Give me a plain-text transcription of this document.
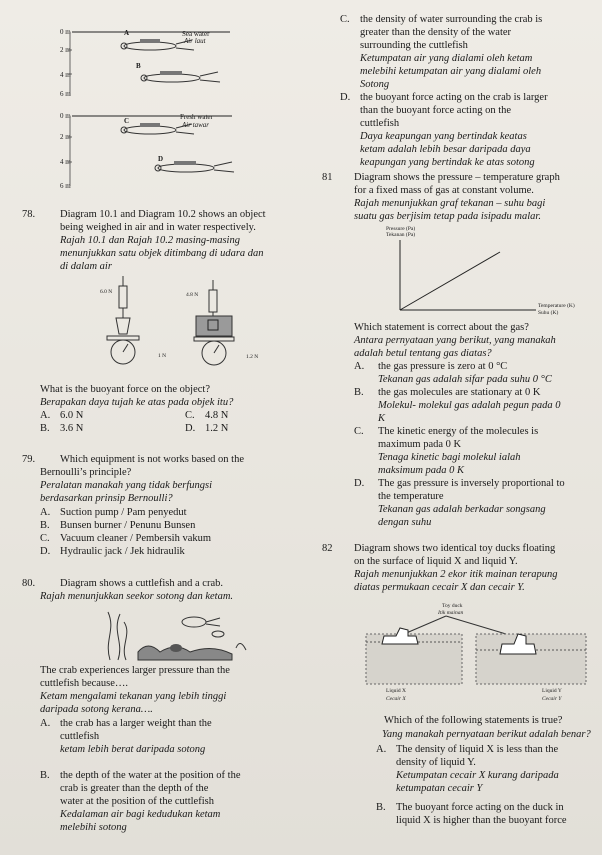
0 m
2 m
4 m
6 m
Sea water
Air laut
A
B
0 m
2 m
4 m
6 m
Fresh water
Air tawar
C
D
78. Diagram 10.1 and Diagram 10.2 shows an object
being weighed in air and in water respectively.
Rajah 10.1 dan Rajah 10.2 masing-masing
menunjukkan satu objek ditimbang di udara dan
di dalam air
6.0 N	4.8 N
1 N	1.2 N
What is the buoyant force on the object?
Berapakan daya tujah ke atas pada objek itu?
A. 6.0 N
B. 3.6 N
C. 4.8 N
D. 1.2 N
79. Which equipment is not works based on the
Bernoulli’s principle?
Peralatan manakah yang tidak berfungsi
berdasarkan prinsip Bernoulli?
A. Suction pump / Pam penyedut
B. Bunsen burner / Penunu Bunsen
C. Vacuum cleaner / Pembersih vakum
D. Hydraulic jack / Jek hidraulik
80. Diagram shows a cuttlefish and a crab.
Rajah menunjukkan seekor sotong dan ketam.
The crab experiences larger pressure than the
cuttlefish because….
Ketam mengalami tekanan yang lebih tinggi
daripada sotong kerana….
A. the crab has a larger weight than the
cuttlefish
ketam lebih berat daripada sotong
B. the depth of the water at the position of the
crab is greater than the depth of the
water at the position of the cuttlefish
Kedalaman air bagi kedudukan ketam
melebihi sotong
C. the density of water surrounding the crab is
greater than the density of the water
surrounding the cuttlefish
Ketumpatan air yang dialami oleh ketam
melebihi ketumpatan air yang dialami oleh
Sotong
D. the buoyant force acting on the crab is larger
than the buoyant force acting on the
cuttlefish
Daya keapungan yang bertindak keatas
ketam adalah lebih besar daripada daya
keapungan yang bertindak ke atas sotong
81 Diagram shows the pressure – temperature graph
for a fixed mass of gas at constant volume.
Rajah menunjukkan graf tekanan – suhu bagi
suatu gas berjisim tetap pada isipadu malar.
Pressure (Pa)
Tekanan (Pa)
Temperature (K)
Suhu (K)
Which statement is correct about the gas?
Antara pernyataan yang berikut, yang manakah
adalah betul tentang gas diatas?
A. the gas pressure is zero at 0 °C
Tekanan gas adalah sifar pada suhu 0 °C
B. the gas molecules are stationary at 0 K
Molekul- molekul gas adalah pegun pada 0
K
C. The kinetic energy of the molecules is
maximum pada 0 K
Tenaga kinetic bagi molekul ialah
maksimum pada 0 K
D. The gas pressure is inversely proportional to
the temperature
Tekanan gas adalah berkadar songsang
dengan suhu
82 Diagram shows two identical toy ducks floating
on the surface of liquid X and liquid Y.
Rajah menunjukkan 2 ekor itik mainan terapung
diatas permukaan cecair X dan cecair Y.
Toy duck
Itik mainan
Liquid X
Cecair X
Liquid Y
Cecair Y
Which of the following statements is true?
Yang manakah pernyataan berikut adalah benar?
A. The density of liquid X is less than the
density of liquid Y.
Ketumpatan cecair X kurang daripada
ketumpatan cecair Y
B. The buoyant force acting on the duck in
liquid X is higher than the buoyant force
